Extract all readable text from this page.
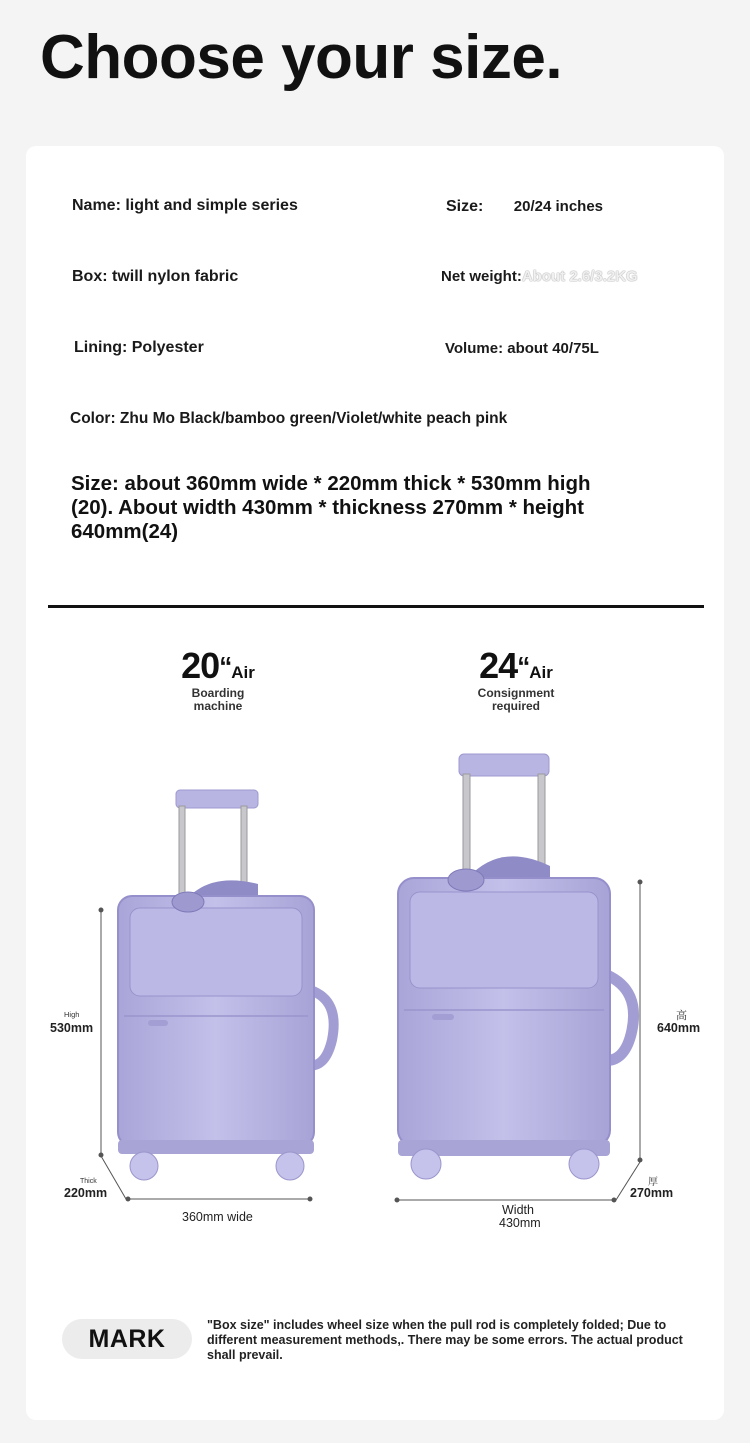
Choose your size.
Name: light and simple series	Size: 20/24 inches
Box: twill nylon fabric	Net weight:About 2.6/3.2KG
Lining: Polyester	Volume: about 40/75L
Color: Zhu Mo Black/bamboo green/Violet/white peach pink
Size: about 360mm wide * 220mm thick * 530mm high (20). About width 430mm * thickness 270mm * height 640mm(24)
20“Air
Boarding
machine
24“Air
Consignment
required
High
530mm
Thick
220mm
360mm wide
高
640mm
厚
270mm
Width
430mm
MARK	"Box size" includes wheel size when the pull rod is completely folded; Due to different measurement methods,. There may be some errors. The actual product shall prevail.
